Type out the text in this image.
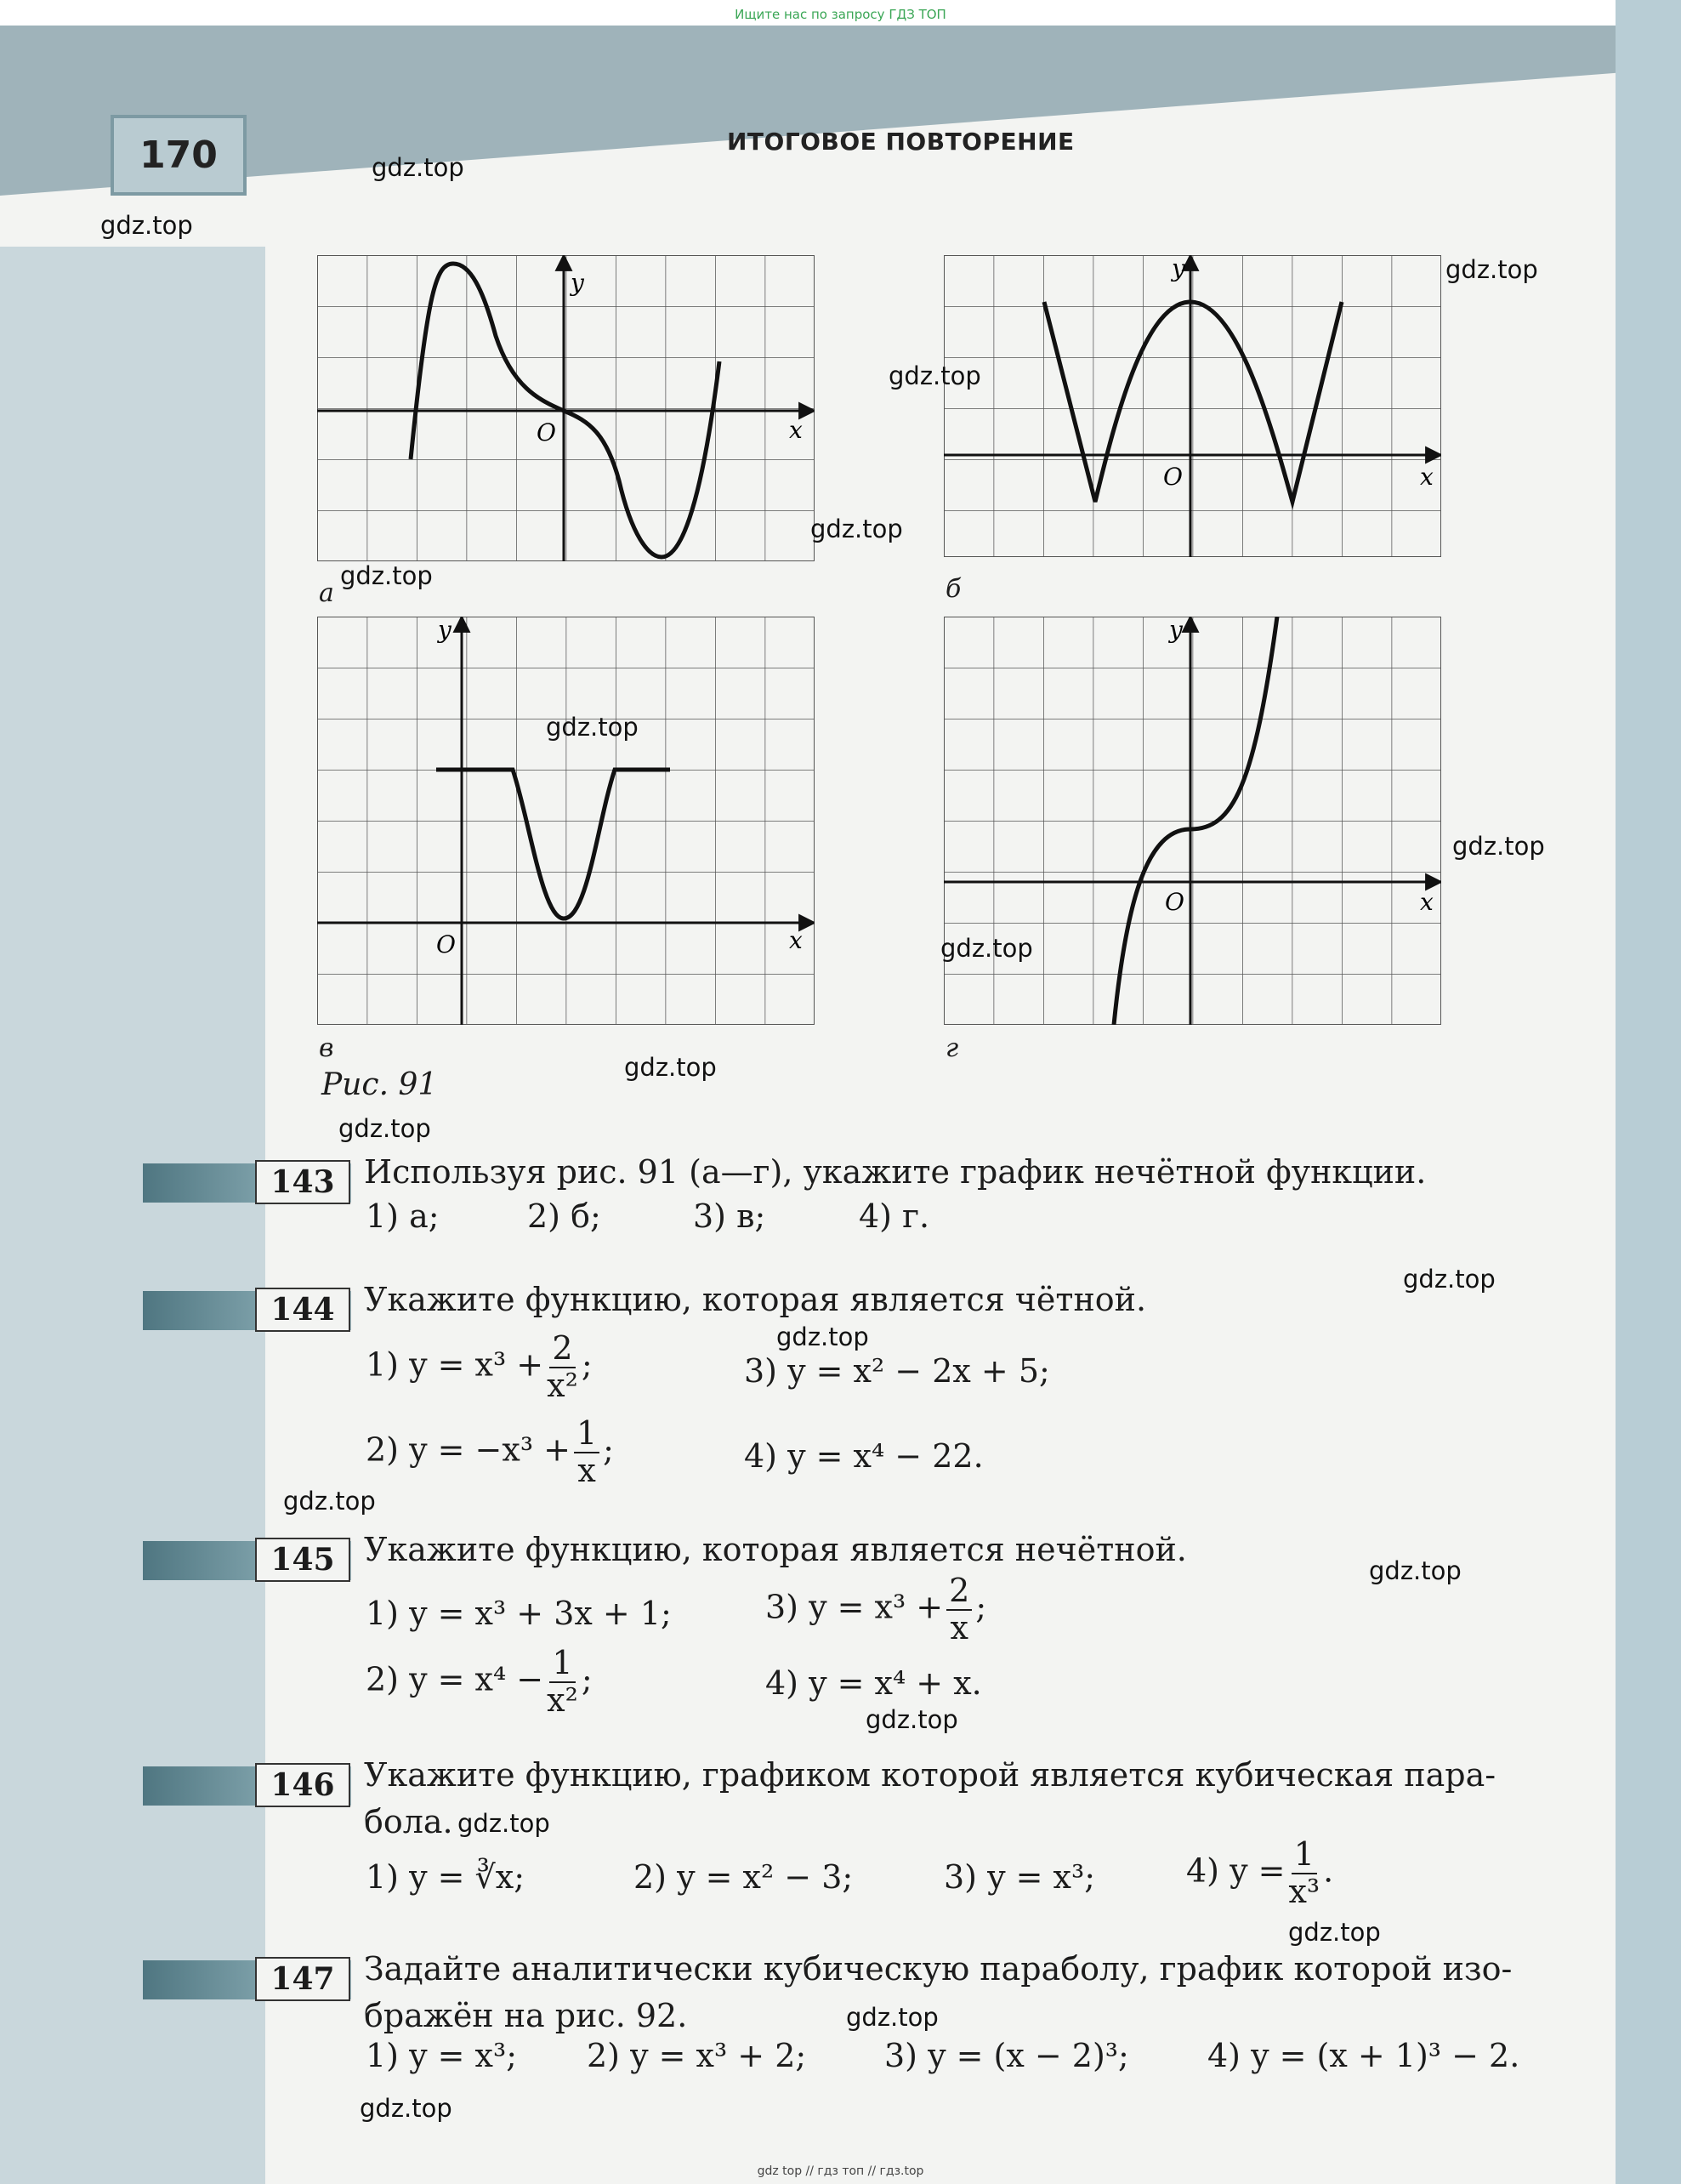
Ищите нас по запросу ГДЗ ТОП
170	ИТОГОВОЕ ПОВТОРЕНИЕ
y
x
O
а
y
x
O
б
y
x
O
в
y
x
O
г
Рис. 91
143 Используя рис. 91 (а—г), укажите график нечётной функции.
1) а;	2) б;	3) в;	4) г.
144 Укажите функцию, которая является чётной.
1) $y = x^3 + \frac{2}{\text{x²}}$ ;	3) y = x² − 2x + 5;
2) $y = -x^3 + \frac{1}{x}$ ;	4) y = x⁴ − 22.
145 Укажите функцию, которая является нечётной.
1) y = x³ + 3x + 1;	3) $y = x^3 + \frac{2}{x}$ ;
2) $y = x^4 - \frac{1}{\text{x²}}$ ;	4) y = x⁴ + x.
146 Укажите функцию, графиком которой является кубическая пара-
бола.
1) y = ∛x;	2) y = x² − 3;	3) y = x³;	4) $y = \frac{1}{\text{x³}}$ .
147 Задайте аналитически кубическую параболу, график которой изо-
бражён на рис. 92.
1) y = x³; 2) y = x³ + 2; 3) y = (x − 2)³; 4) y = (x + 1)³ − 2.
gdz.top
gdz.top
gdz.top
gdz.top
gdz.top
gdz.top
gdz.top
gdz.top
gdz.top
gdz.top
gdz.top
gdz.top
gdz.top
gdz.top
gdz.top
gdz.top
gdz.top
gdz.top
gdz.top
gdz.top
gdz top // гдз топ // гдз.top
